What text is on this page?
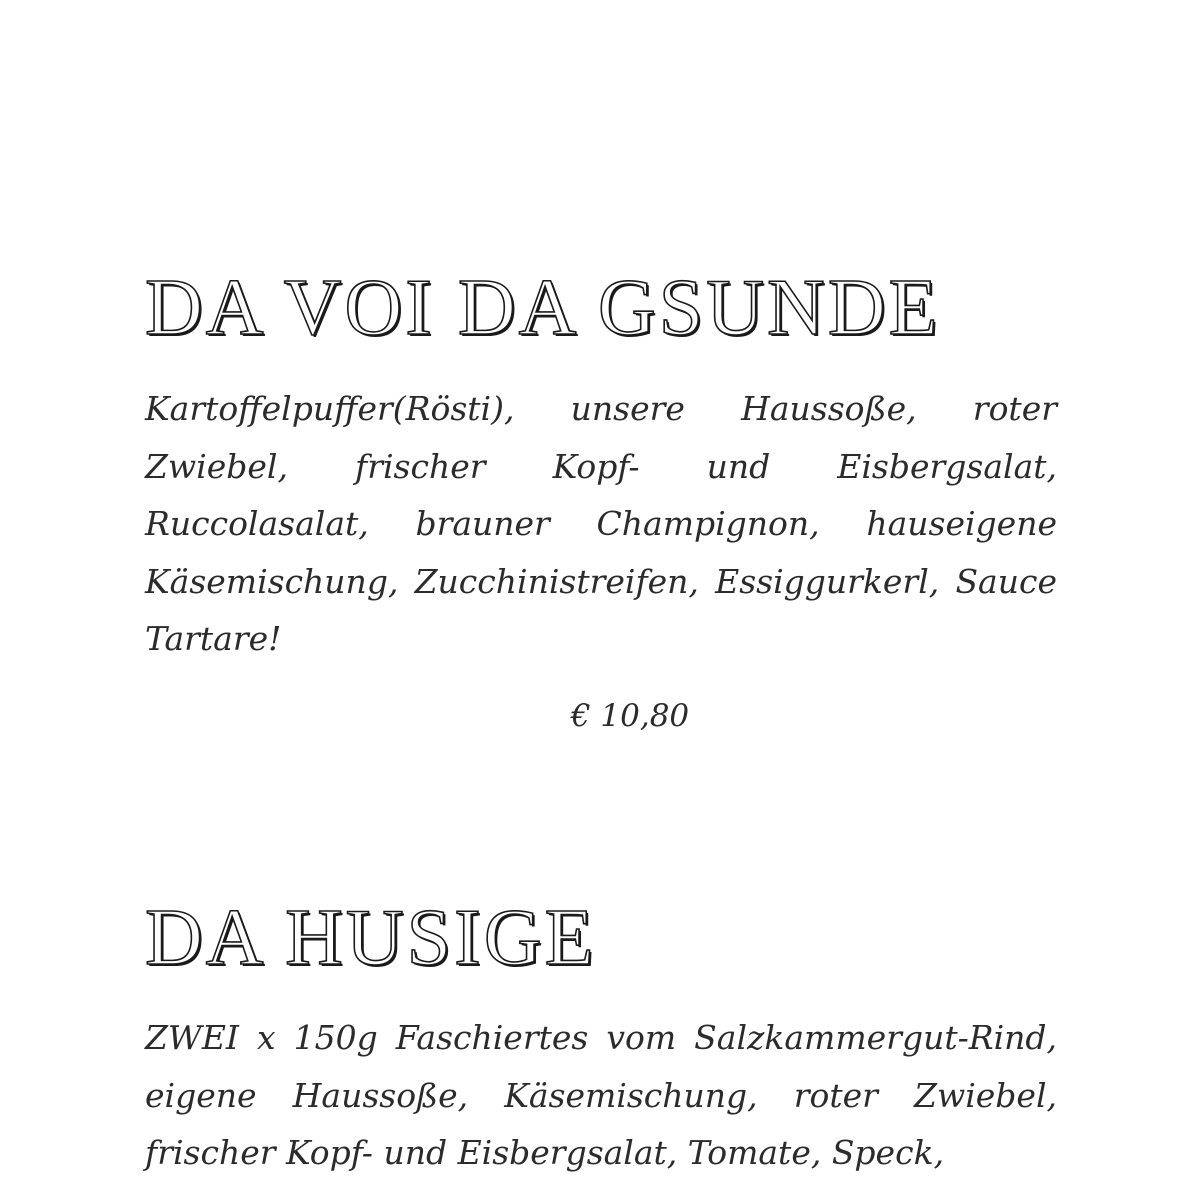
DA VOI DA GSUNDE

Kartoffelpuffer(Rösti), unsere Haussoße, roter Zwiebel, frischer Kopf- und Eisbergsalat, Ruccolasalat, brauner Champignon, hauseigene Käsemischung, Zucchinistreifen, Essiggurkerl, Sauce Tartare!

€ 10,80

DA HUSIGE

ZWEI x 150g Faschiertes vom Salzkammergut-Rind, eigene Haussoße, Käsemischung, roter Zwiebel, frischer Kopf- und Eisbergsalat, Tomate, Speck,
